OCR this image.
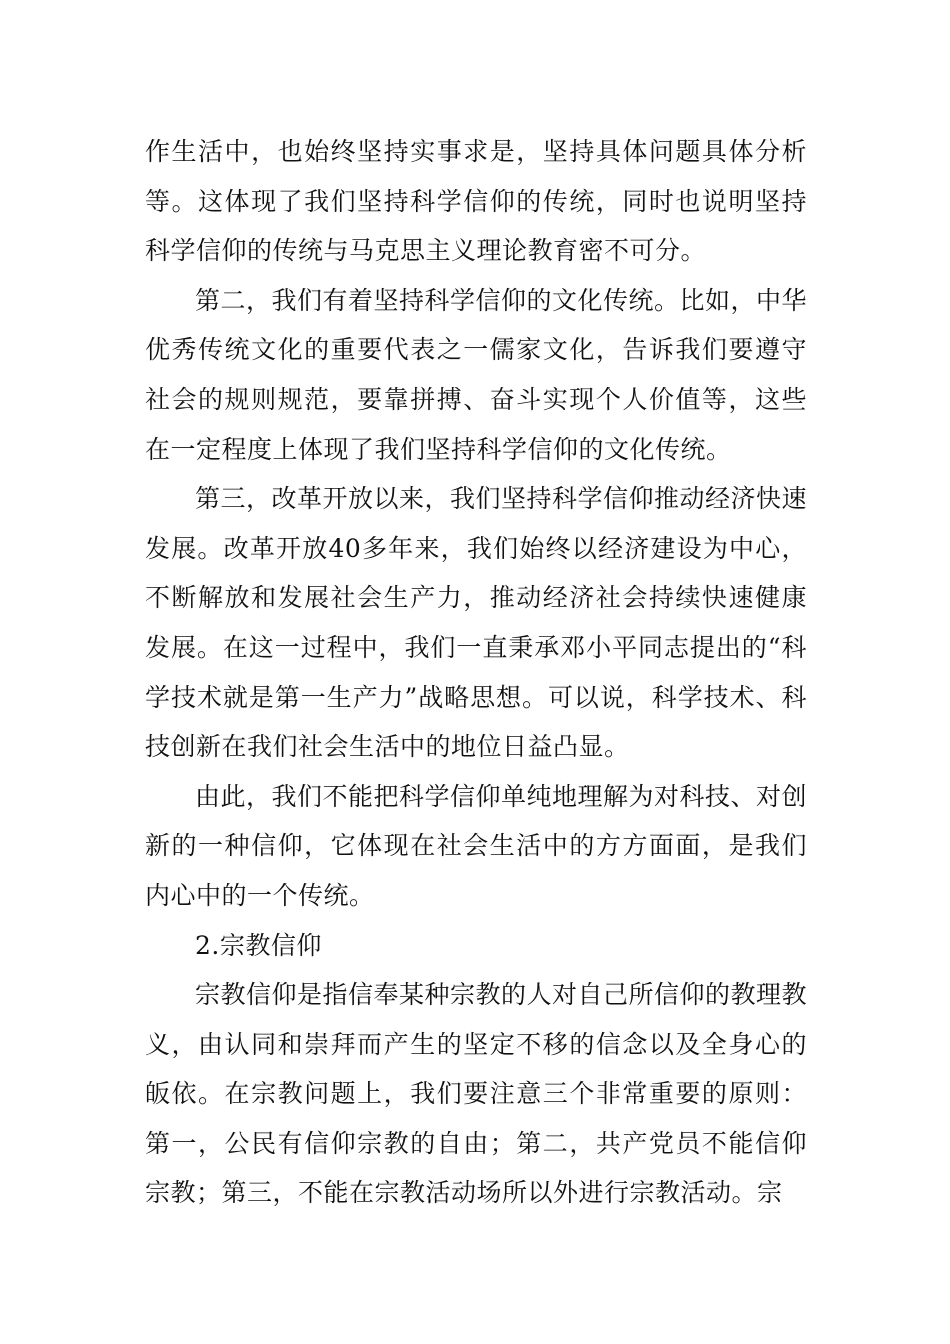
作生活中，也始终坚持实事求是，坚持具体问题具体分析等。这体现了我们坚持科学信仰的传统，同时也说明坚持科学信仰的传统与马克思主义理论教育密不可分。

第二，我们有着坚持科学信仰的文化传统。比如，中华优秀传统文化的重要代表之一儒家文化，告诉我们要遵守社会的规则规范，要靠拼搏、奋斗实现个人价值等，这些在一定程度上体现了我们坚持科学信仰的文化传统。

第三，改革开放以来，我们坚持科学信仰推动经济快速发展。改革开放40多年来，我们始终以经济建设为中心，不断解放和发展社会生产力，推动经济社会持续快速健康发展。在这一过程中，我们一直秉承邓小平同志提出的“科学技术就是第一生产力”战略思想。可以说，科学技术、科技创新在我们社会生活中的地位日益凸显。

由此，我们不能把科学信仰单纯地理解为对科技、对创新的一种信仰，它体现在社会生活中的方方面面，是我们内心中的一个传统。

2.宗教信仰

宗教信仰是指信奉某种宗教的人对自己所信仰的教理教义，由认同和崇拜而产生的坚定不移的信念以及全身心的皈依。在宗教问题上，我们要注意三个非常重要的原则：第一，公民有信仰宗教的自由；第二，共产党员不能信仰宗教；第三，不能在宗教活动场所以外进行宗教活动。宗
